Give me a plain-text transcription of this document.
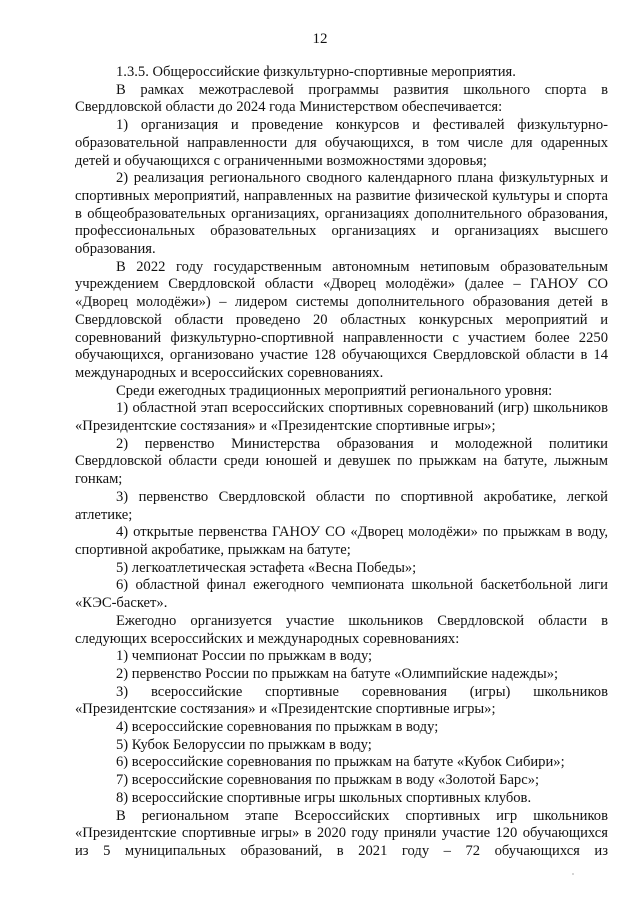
12

1.3.5. Общероссийские физкультурно-спортивные мероприятия.

В рамках межотраслевой программы развития школьного спорта в Свердловской области до 2024 года Министерством обеспечивается:

1) организация и проведение конкурсов и фестивалей физкультурно-образовательной направленности для обучающихся, в том числе для одаренных детей и обучающихся с ограниченными возможностями здоровья;

2) реализация регионального сводного календарного плана физкультурных и спортивных мероприятий, направленных на развитие физической культуры и спорта в общеобразовательных организациях, организациях дополнительного образования, профессиональных образовательных организациях и организациях высшего образования.

В 2022 году государственным автономным нетиповым образовательным учреждением Свердловской области «Дворец молодёжи» (далее – ГАНОУ СО «Дворец молодёжи») – лидером системы дополнительного образования детей в Свердловской области проведено 20 областных конкурсных мероприятий и соревнований физкультурно-спортивной направленности с участием более 2250 обучающихся, организовано участие 128 обучающихся Свердловской области в 14 международных и всероссийских соревнованиях.

Среди ежегодных традиционных мероприятий регионального уровня:

1) областной этап всероссийских спортивных соревнований (игр) школьников «Президентские состязания» и «Президентские спортивные игры»;

2) первенство Министерства образования и молодежной политики Свердловской области среди юношей и девушек по прыжкам на батуте, лыжным гонкам;

3) первенство Свердловской области по спортивной акробатике, легкой атлетике;

4) открытые первенства ГАНОУ СО «Дворец молодёжи» по прыжкам в воду, спортивной акробатике, прыжкам на батуте;

5) легкоатлетическая эстафета «Весна Победы»;

6) областной финал ежегодного чемпионата школьной баскетбольной лиги «КЭС-баскет».

Ежегодно организуется участие школьников Свердловской области в следующих всероссийских и международных соревнованиях:

1) чемпионат России по прыжкам в воду;

2) первенство России по прыжкам на батуте «Олимпийские надежды»;

3) всероссийские спортивные соревнования (игры) школьников «Президентские состязания» и «Президентские спортивные игры»;

4) всероссийские соревнования по прыжкам в воду;

5) Кубок Белоруссии по прыжкам в воду;

6) всероссийские соревнования по прыжкам на батуте «Кубок Сибири»;

7) всероссийские соревнования по прыжкам в воду «Золотой Барс»;

8) всероссийские спортивные игры школьных спортивных клубов.

В региональном этапе Всероссийских спортивных игр школьников «Президентские спортивные игры» в 2020 году приняли участие 120 обучающихся из 5 муниципальных образований, в 2021 году – 72 обучающихся из
